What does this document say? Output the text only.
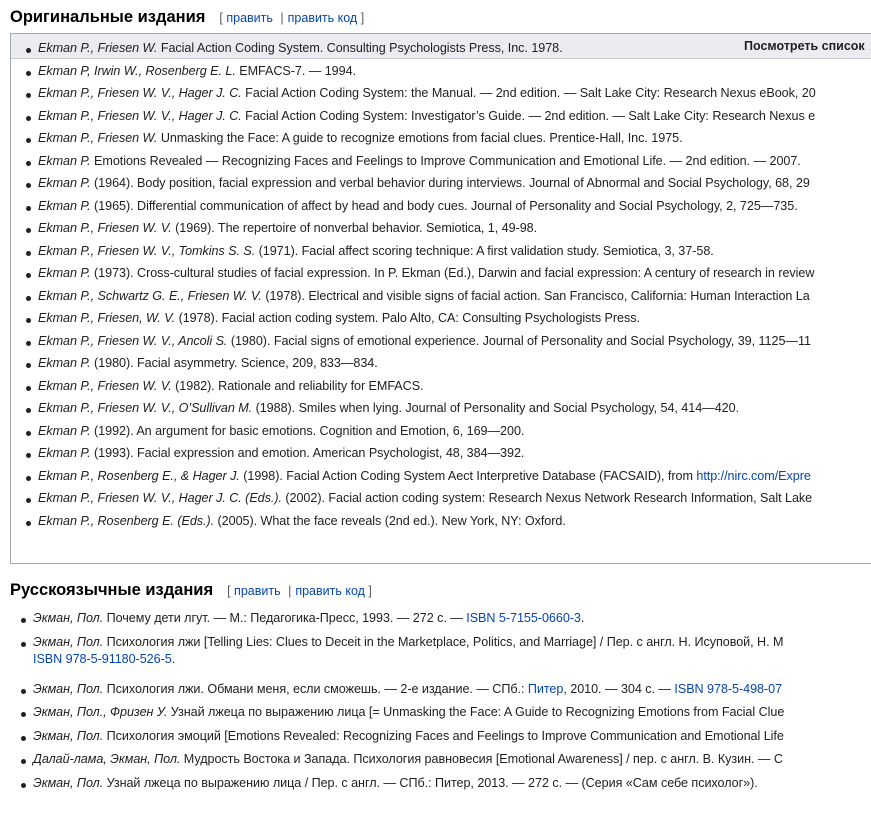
Оригинальные издания [ править | править код ]
Посмотреть список
Ekman P., Friesen W. Facial Action Coding System. Consulting Psychologists Press, Inc. 1978.
Ekman P, Irwin W., Rosenberg E. L. EMFACS-7. — 1994.
Ekman P., Friesen W. V., Hager J. C. Facial Action Coding System: the Manual. — 2nd edition. — Salt Lake City: Research Nexus eBook, 20
Ekman P., Friesen W. V., Hager J. C. Facial Action Coding System: Investigator’s Guide. — 2nd edition. — Salt Lake City: Research Nexus e
Ekman P., Friesen W. Unmasking the Face: A guide to recognize emotions from facial clues. Prentice-Hall, Inc. 1975.
Ekman P. Emotions Revealed — Recognizing Faces and Feelings to Improve Communication and Emotional Life. — 2nd edition. — 2007.
Ekman P. (1964). Body position, facial expression and verbal behavior during interviews. Journal of Abnormal and Social Psychology, 68, 29
Ekman P. (1965). Differential communication of affect by head and body cues. Journal of Personality and Social Psychology, 2, 725—735.
Ekman P., Friesen W. V. (1969). The repertoire of nonverbal behavior. Semiotica, 1, 49-98.
Ekman P., Friesen W. V., Tomkins S. S. (1971). Facial affect scoring technique: A first validation study. Semiotica, 3, 37-58.
Ekman P. (1973). Cross-cultural studies of facial expression. In P. Ekman (Ed.), Darwin and facial expression: A century of research in review
Ekman P., Schwartz G. E., Friesen W. V. (1978). Electrical and visible signs of facial action. San Francisco, California: Human Interaction La
Ekman P., Friesen, W. V. (1978). Facial action coding system. Palo Alto, CA: Consulting Psychologists Press.
Ekman P., Friesen W. V., Ancoli S. (1980). Facial signs of emotional experience. Journal of Personality and Social Psychology, 39, 1125—11
Ekman P. (1980). Facial asymmetry. Science, 209, 833—834.
Ekman P., Friesen W. V. (1982). Rationale and reliability for EMFACS.
Ekman P., Friesen W. V., O’Sullivan M. (1988). Smiles when lying. Journal of Personality and Social Psychology, 54, 414—420.
Ekman P. (1992). An argument for basic emotions. Cognition and Emotion, 6, 169—200.
Ekman P. (1993). Facial expression and emotion. American Psychologist, 48, 384—392.
Ekman P., Rosenberg E., & Hager J. (1998). Facial Action Coding System Aect Interpretive Database (FACSAID), from http://nirc.com/Expre
Ekman P., Friesen W. V., Hager J. C. (Eds.). (2002). Facial action coding system: Research Nexus Network Research Information, Salt Lake
Ekman P., Rosenberg E. (Eds.). (2005). What the face reveals (2nd ed.). New York, NY: Oxford.
Русскоязычные издания [ править | править код ]
Экман, Пол. Почему дети лгут. — М.: Педагогика-Пресс, 1993. — 272 с. — ISBN 5-7155-0660-3.
Экман, Пол. Психология лжи [Telling Lies: Clues to Deceit in the Marketplace, Politics, and Marriage] / Пер. с англ. Н. Исуповой, Н. М
ISBN 978-5-91180-526-5.
Экман, Пол. Психология лжи. Обмани меня, если сможешь. — 2-е издание. — СПб.: Питер, 2010. — 304 с. — ISBN 978-5-498-07
Экман, Пол., Фризен У. Узнай лжеца по выражению лица [= Unmasking the Face: A Guide to Recognizing Emotions from Facial Clue
Экман, Пол. Психология эмоций [Emotions Revealed: Recognizing Faces and Feelings to Improve Communication and Emotional Life
Далай-лама, Экман, Пол. Мудрость Востока и Запада. Психология равновесия [Emotional Awareness] / пер. с англ. В. Кузин. — С
Экман, Пол. Узнай лжеца по выражению лица / Пер. с англ. — СПб.: Питер, 2013. — 272 с. — (Серия «Сам себе психолог»).
